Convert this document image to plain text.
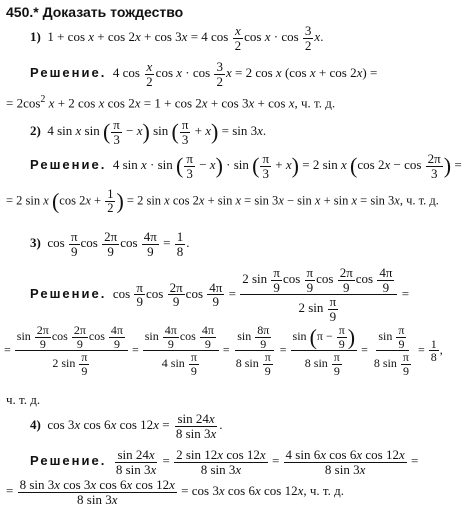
450.* Доказать тождество
1)  1 + cos x + cos 2x + cos 3x = 4 $\cos \frac{x}{2}$ $\cos x \cdot \cos \frac{3}{2} x$.
Решение.  4 $\cos \frac{x}{2}$ $\cos x \cdot \cos \frac{3}{2}$ x = 2 cos x (cos x + cos 2x) =
= $2\cos^2$ x + 2 cos x cos 2x = 1 + cos 2x + cos 3x + cos x, ч. т. д.
2)  4 sin x sin ( $\frac{\pi}{3} - x$) sin ( $\frac{\pi}{3} + x) = \sin 3x$.
Решение.  4 sin x · sin ( $\frac{\pi}{3} - x) \cdot \sin$ ( $\frac{\pi}{3} + x) = 2$ sin x (cos $2x - \cos \frac{2\pi}{3}$ ) =
= 2 sin x (cos $2x + \frac{1}{2}$ ) = 2 sin x cos 2x + sin x = sin 3x − sin x + sin x = sin 3x, ч. т. д.
3)  $\cos \frac{\pi}{9}$ $\cos \frac{2\pi}{9}$ $\cos \frac{4\pi}{9} = \frac{1}{8}$ .
Решение.  $\cos \frac{\pi}{9}$ $\cos \frac{2\pi}{9}$ $\cos \frac{4\pi}{9} = \frac{2 \sin \frac{\pi}{9} \cos \frac{\pi}{9} \cos \frac{2\pi}{9} \cos \frac{4\pi}{9}}{2 \sin \frac{\pi}{9}}$ =
= $\frac{\sin \frac{2\pi}{9} \cos \frac{2\pi}{9} \cos \frac{4\pi}{9}}{2 \sin \frac{\pi}{9}} = \frac{\sin \frac{4\pi}{9} \cos \frac{4\pi}{9}}{4 \sin \frac{\pi}{9}} = \frac{\sin \frac{8\pi}{9}}{8 \sin \frac{\pi}{9}} = \frac{\sin (\pi - \frac{\pi}{9} )}{8 \sin \frac{\pi}{9}} = \frac{\sin \frac{\pi}{9}}{8 \sin \frac{\pi}{9}} = \frac{1}{8}$ ,
ч. т. д.
4)  cos 3x cos 6x $\cos 12x = \frac{\sin 24x}{8 \sin 3x}$ .
Решение. $\frac{\sin 24x}{8 \sin 3x} = \frac{\text{2 sin 12x cos 12x}}{8 \sin 3x} = \frac{\text{4 sin 6x cos 6x cos 12x}}{8 \sin 3x}$ =
= $\frac{\text{8 sin 3x cos 3x cos 6x cos 12x}}{8 \sin 3x} = \cos 3x$ cos 6x cos 12x, ч. т. д.
